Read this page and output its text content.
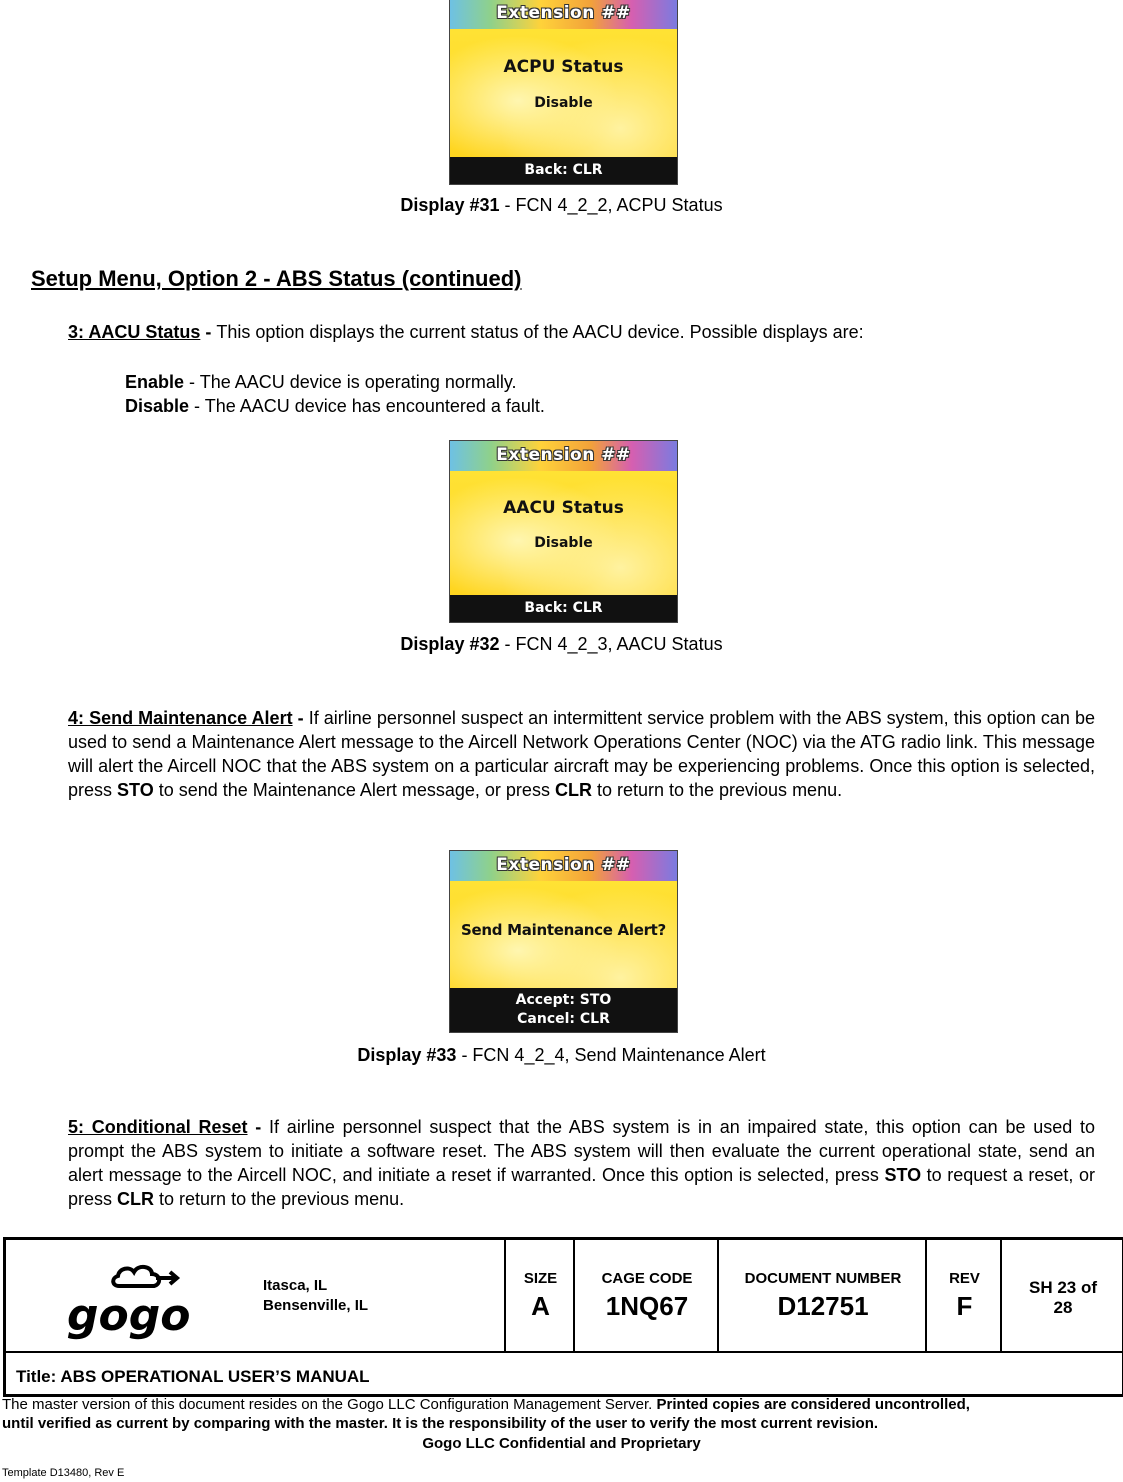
Extension ##
ACPU Status
Disable
Back: CLR
Display #31 - FCN 4_2_2, ACPU Status
Setup Menu, Option 2 - ABS Status (continued)
3: AACU Status - This option displays the current status of the AACU device. Possible displays are:
Enable - The AACU device is operating normally.
Disable - The AACU device has encountered a fault.
Extension ##
AACU Status
Disable
Back: CLR
Display #32 - FCN 4_2_3, AACU Status
4: Send Maintenance Alert - If airline personnel suspect an intermittent service problem with the ABS system, this option can be used to send a Maintenance Alert message to the Aircell Network Operations Center (NOC) via the ATG radio link. This message will alert the Aircell NOC that the ABS system on a particular aircraft may be experiencing problems. Once this option is selected, press STO to send the Maintenance Alert message, or press CLR to return to the previous menu.
Extension ##
Send Maintenance Alert?
Accept: STO
Cancel: CLR
Display #33 - FCN 4_2_4, Send Maintenance Alert
5: Conditional Reset - If airline personnel suspect that the ABS system is in an impaired state, this option can be used to prompt the ABS system to initiate a software reset. The ABS system will then evaluate the current operational state, send an alert message to the Aircell NOC, and initiate a reset if warranted. Once this option is selected, press STO to request a reset, or press CLR to return to the previous menu.
gogo
Itasca, IL
Bensenville, IL
SIZE
A
CAGE CODE
1NQ67
DOCUMENT NUMBER
D12751
REV
F
SH 23 of 28
Title: ABS OPERATIONAL USER’S MANUAL
The master version of this document resides on the Gogo LLC Configuration Management Server. Printed copies are considered uncontrolled,
until verified as current by comparing with the master. It is the responsibility of the user to verify the most current revision.
Gogo LLC Confidential and Proprietary
Template D13480, Rev E
